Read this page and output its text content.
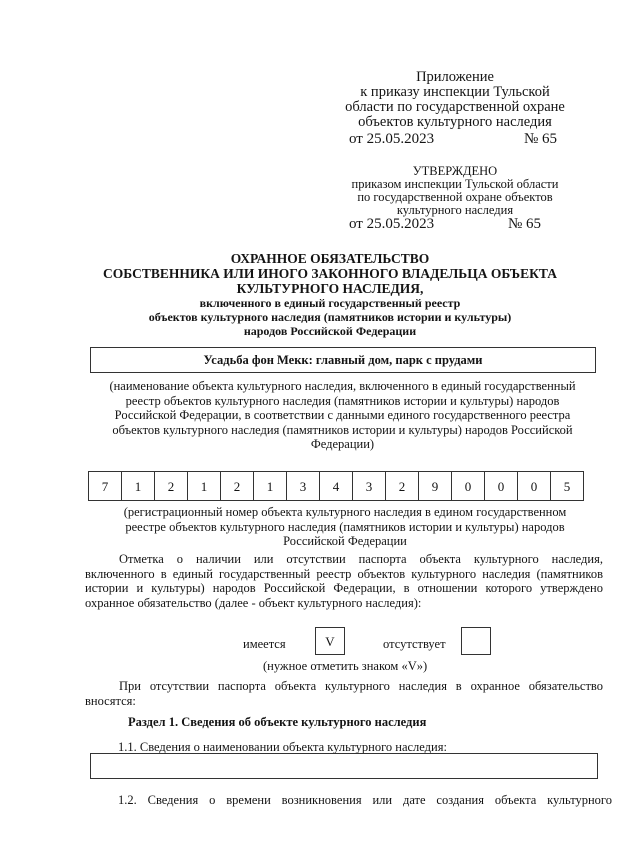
Приложение
к приказу инспекции Тульской
области по государственной охране
объектов культурного наследия
от 25.05.2023	№ 65
УТВЕРЖДЕНО
приказом инспекции Тульской области
по государственной охране объектов
культурного наследия
от 25.05.2023	№ 65
ОХРАННОЕ ОБЯЗАТЕЛЬСТВО
СОБСТВЕННИКА ИЛИ ИНОГО ЗАКОННОГО ВЛАДЕЛЬЦА ОБЪЕКТА
КУЛЬТУРНОГО НАСЛЕДИЯ,
включенного в единый государственный реестр
объектов культурного наследия (памятников истории и культуры)
народов Российской Федерации
Усадьба фон Мекк: главный дом, парк с прудами
(наименование объекта культурного наследия, включенного в единый государственный
реестр объектов культурного наследия (памятников истории и культуры) народов
Российской Федерации, в соответствии с данными единого государственного реестра
объектов культурного наследия (памятников истории и культуры) народов Российской
Федерации)
7	1	2	1	2	1	3	4	3	2	9	0	0	0	5
(регистрационный номер объекта культурного наследия в едином государственном
реестре объектов культурного наследия (памятников истории и культуры) народов
Российской Федерации
Отметка о наличии или отсутствии паспорта объекта культурного наследия,
включенного в единый государственный реестр объектов культурного наследия (памятников
истории и культуры) народов Российской Федерации, в отношении которого утверждено
охранное обязательство (далее - объект культурного наследия):
имеется	V	отсутствует
(нужное отметить знаком «V»)
При отсутствии паспорта объекта культурного наследия в охранное обязательство
вносятся:
Раздел 1. Сведения об объекте культурного наследия
1.1. Сведения о наименовании объекта культурного наследия:
1.2. Сведения о времени возникновения или дате создания объекта культурного
